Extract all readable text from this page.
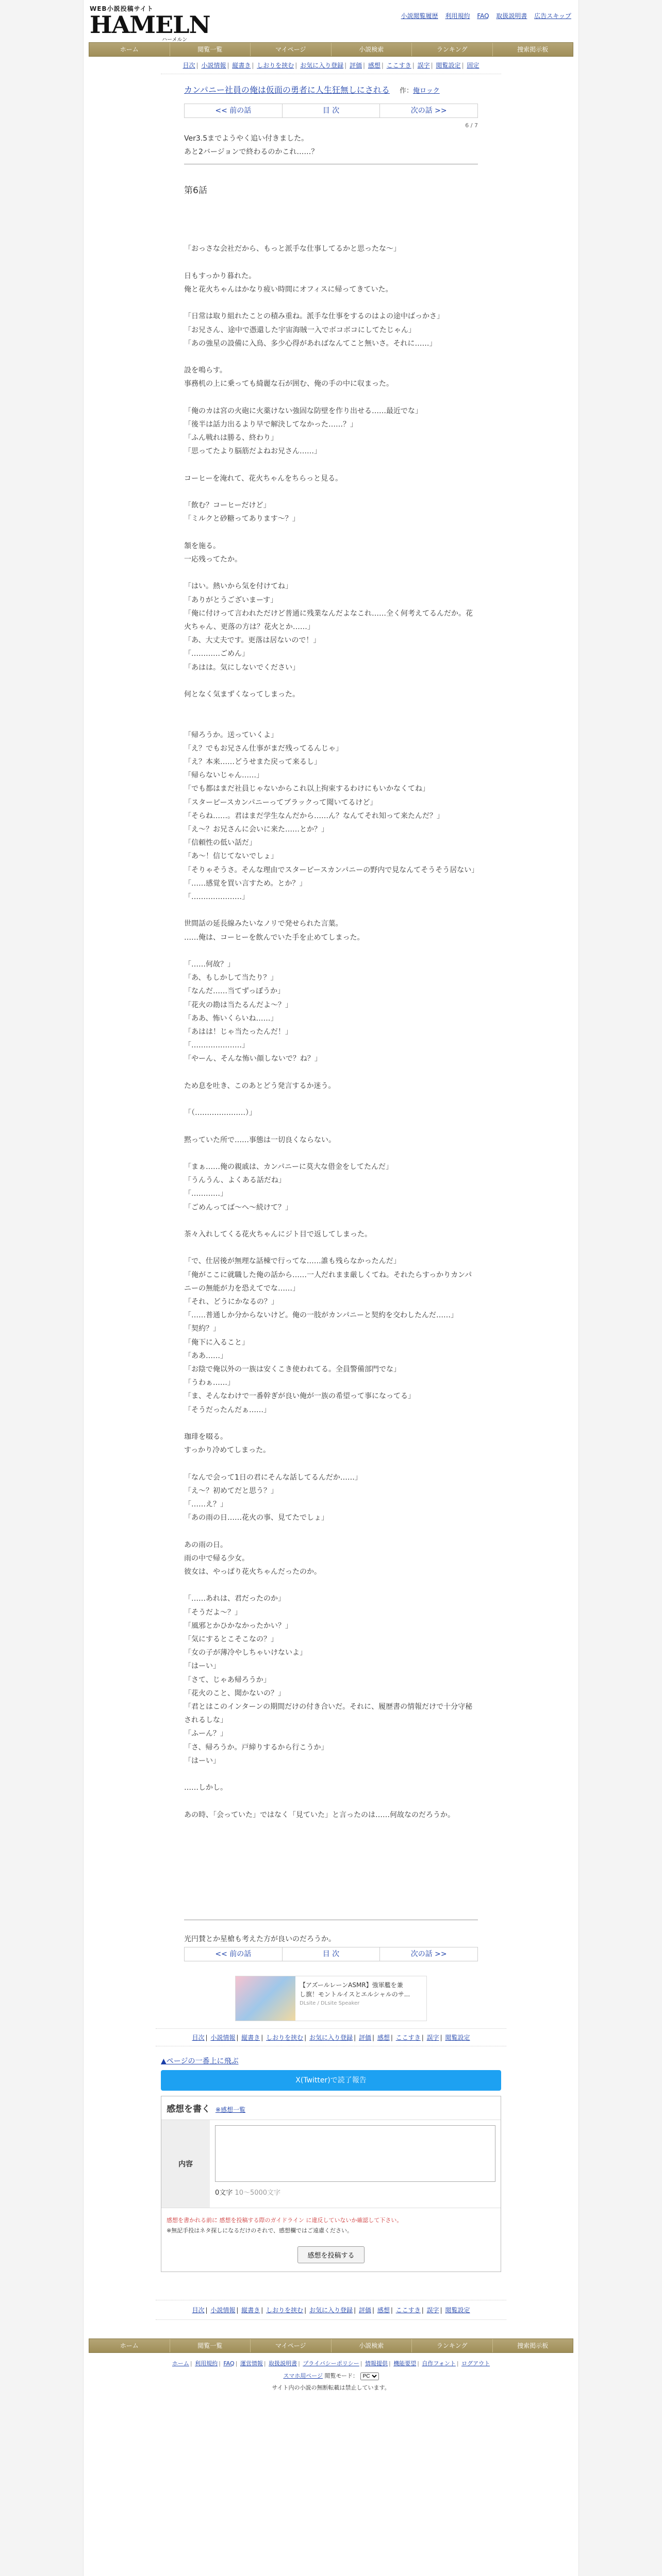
WEB小説投稿サイト
HAMELN
ハーメルン
小説閲覧履歴 利用規約 FAQ 取扱説明書 広告スキップ
ホーム	閲覧一覧	マイページ	小説検索	ランキング	捜索掲示板
目次 | 小説情報 | 縦書き | しおりを挟む | お気に入り登録 | 評価 | 感想 | ここすき | 誤字 | 閲覧設定 | 固定
カンパニー社員の俺は仮面の勇者に人生狂無しにされる 作：俺ロック
<< 前の話	目 次	次の話 >>
6 / 7
Ver3.5までようやく追い付きました。
あと2バージョンで終わるのかこれ……？
第6話

「おっさな会社だから、もっと派手な仕事してるかと思ったな～」

日もすっかり暮れた。

俺と花火ちゃんはかなり疲い時間にオフィスに帰ってきていた。

「日常は取り組れたことの積み重ね。派手な仕事をするのはよの途中ばっかさ」

「お兄さん、途中で憑還した宇宙海賊一入でボコボコにしてたじゃん」

「あの強星の設備に入鳥、多少心得があればなんてこと無いさ。それに……」

設を鳴らす。

事務机の上に乗っても綺麗な石が囲む、俺の手の中に収まった。

「俺のカは宮の火砲に火薬けない強固な防壁を作り出せる……最近でな」

「後半は話力出るより早で解決してなかった……？」

「ふん戦れは勝る、終わり」

「思ってたより脳筋だよねお兄さん……」

コーヒーを淹れて、花火ちゃんをちらっと見る。

「飲む？コーヒーだけど」

「ミルクと砂糖ってあります～？」

頷を施る。

一応残ってたか。

「はい。熱いから気を付けてね」

「ありがとうございまーす」

「俺に付けって言われただけど普通に残業なんだよなこれ……全く何考えてるんだか。花火ちゃん、更落の方は？花火とか……」

「あ、大丈夫です。更落は居ないので！」

「…………ごめん」

「あはは。気にしないでください」

何となく気まずくなってしまった。

「帰ろうか。送っていくよ」

「え？でもお兄さん仕事がまだ残ってるんじゃ」

「え？本来……どうせまた戻って来るし」

「帰らないじゃん……」

「でも都はまだ社員じゃないからこれ以上拘束するわけにもいかなくてね」

「スターピースカンパニーってブラックって聞いてるけど」

「そらね……。君はまだ学生なんだから……ん？なんてそれ知って来たんだ？」

「え～？お兄さんに会いに来た……とか？」

「信頼性の低い話だ」

「あ～！信じてないでしょ」

「そりゃそうさ。そんな理由でスターピースカンパニーの野内で見なんてそうそう居ない」

「……感覚を買い言すため。とか？」

「…………………」

世間話の延長線みたいなノリで発せられた言葉。

……俺は、コーヒーを飲んでいた手を止めてしまった。

「……何故？」

「あ、もしかして当たり？」

「なんだ……当てずっぽうか」

「花火の勘は当たるんだよ～？」

「ああ、怖いくらいね……」

「あはは！じゃ当たったんだ！」

「…………………」

「やーん、そんな怖い顔しないで？ね？」

ため息を吐き、このあとどう発言するか迷う。

「（…………………）」

黙っていた所で……事態は一切良くならない。

「まぁ……俺の親戚は、カンパニーに莫大な借金をしてたんだ」

「うんうん、よくある話だね」

「…………」

「ごめんってば～へ～続けて？」

茶々入れしてくる花火ちゃんにジト目で返してしまった。

「で、仕居後が無理な話棟で行ってな……誰も残らなかったんだ」

「俺がここに就職した俺の話から……一人だれまま厳しくてね。それたらすっかりカンパニーの無能が力を恐えてでな……」

「それ、どうにかなるの？」

「……普通しか分からないけど。俺の一肢がカンパニーと契約を交わしたんだ……」

「契約？」

「俺下に入ること」

「ああ……」

「お陰で俺以外の一族は安くこき使われてる。全員警備部門でな」

「うわぁ……」

「ま、そんなわけで一番幹ぎが良い俺が一族の希望って事になってる」

「そうだったんだぁ……」

珈琲を啜る。

すっかり冷めてしまった。

「なんで会って1日の君にそんな話してるんだか……」

「え～？初めてだと思う？」

「……え？」

「あの雨の日……花火の事、見てたでしょ」

あの雨の日。

雨の中で帰る少女。

彼女は、やっぱり花火ちゃんだったのか。

「……あれは、君だったのか」

「そうだよ～？」

「風邪とかひかなかったかい？」

「気にするとこそこなの？」

「女の子が薄冷やしちゃいけないよ」

「はーい」

「さて、じゃあ帰ろうか」

「花火のこと、聞かないの？」

「君とはこのインターンの期間だけの付き合いだ。それに、履歴書の情報だけで十分守秘されるしな」

「ふーん？」

「さ、帰ろうか。戸締りするから行こうか」

「はーい」

……しかし。

あの時、「会っていた」ではなく「見ていた」と言ったのは……何故なのだろうか。

光円賛とか星槍も考えた方が良いのだろうか。
<< 前の話	目 次	次の話 >>
【アズールレーンASMR】強軍艦を兼
し旗！モントルイスとエルシャルのサ...
DLsite / DLsite Speaker
目次 | 小説情報 | 縦書き | しおりを挟む | お気に入り登録 | 評価 | 感想 | ここすき | 誤字 | 閲覧設定
▲ページの一番上に飛ぶ
X(Twitter)で読了報告
感想を書く ※感想一覧
内容
0文字 10～5000文字
感想を書かれる前に 感想を投稿する際のガイドライン に違反していないか確認して下さい。
※無記手投はネタ探しになるだけのそれで、感想欄ではご遠慮ください。
感想を投稿する
目次 | 小説情報 | 縦書き | しおりを挟む | お気に入り登録 | 評価 | 感想 | ここすき | 誤字 | 閲覧設定
ホーム	閲覧一覧	マイページ	小説検索	ランキング	捜索掲示板
ホーム | 利用規約 | FAQ | 運営情報 | 取扱説明書 | プライバシーポリシー | 情報提供 | 機能要望 | 自作フォント | ログアウト
スマホ用ページ 閲覧モード：
PC
サイト内の小説の無断転載は禁止しています。
